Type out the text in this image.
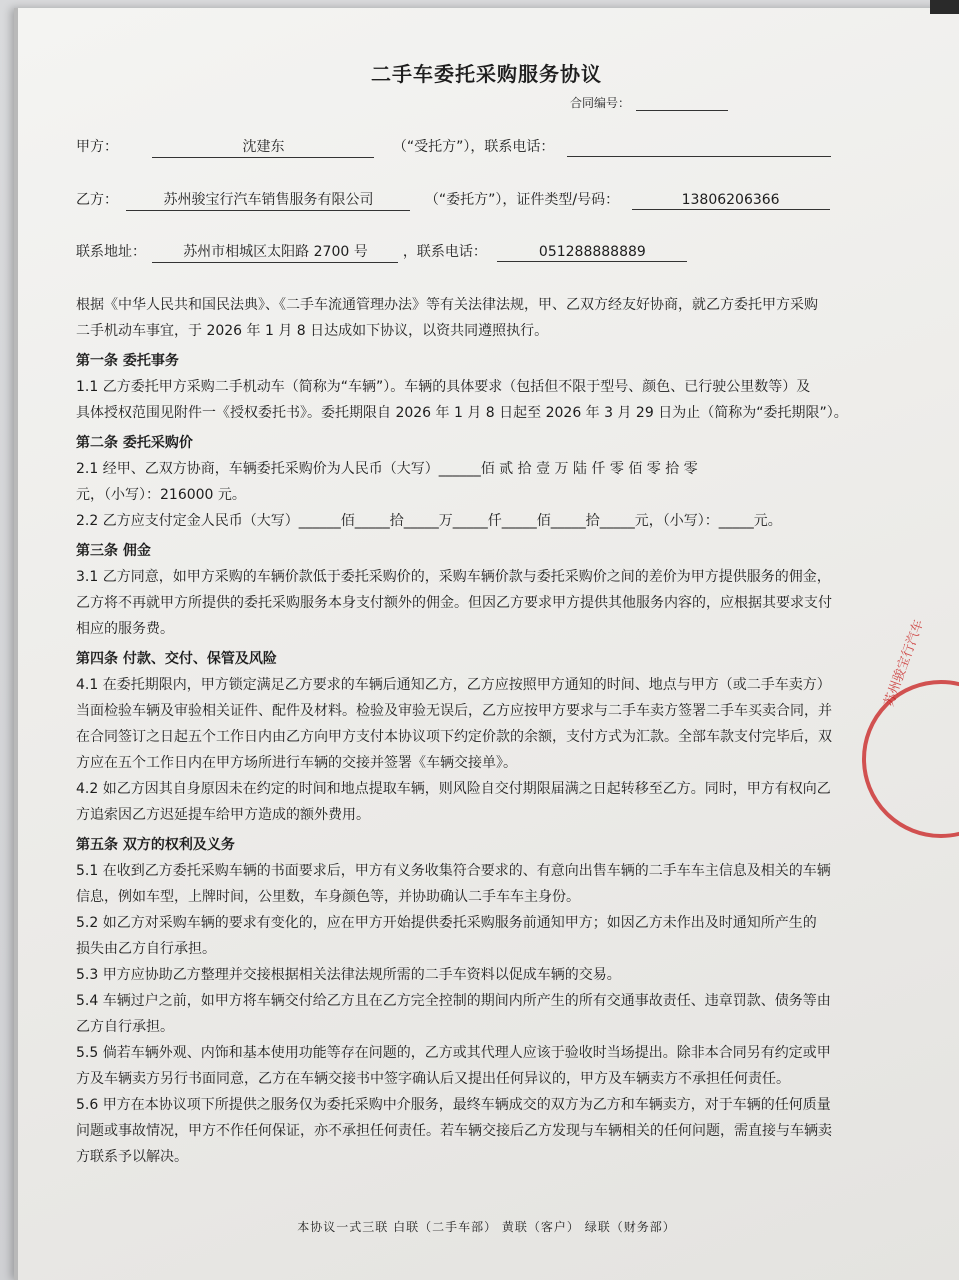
二手车委托采购服务协议
合同编号：
甲方：	沈建东	（“受托方”），联系电话：
乙方：	苏州骏宝行汽车销售服务有限公司	（“委托方”），证件类型/号码：	13806206366
联系地址：	苏州市相城区太阳路 2700 号	，联系电话：	051288888889

根据《中华人民共和国民法典》、《二手车流通管理办法》等有关法律法规，甲、乙双方经友好协商，就乙方委托甲方采购

二手机动车事宜，于 2026 年 1 月 8 日达成如下协议，以资共同遵照执行。

第一条 委托事务

1.1 乙方委托甲方采购二手机动车（简称为“车辆”）。车辆的具体要求（包括但不限于型号、颜色、已行驶公里数等）及

具体授权范围见附件一《授权委托书》。委托期限自 2026 年 1 月 8 日起至 2026 年 3 月 29 日为止（简称为“委托期限”）。

第二条 委托采购价

2.1 经甲、乙双方协商，车辆委托采购价为人民币（大写）______佰 贰 拾 壹 万 陆 仟 零 佰 零 拾 零

元，（小写）：216000 元。

2.2 乙方应支付定金人民币（大写）______佰_____拾_____万_____仟_____佰_____拾_____元，（小写）：_____元。

第三条 佣金

3.1 乙方同意，如甲方采购的车辆价款低于委托采购价的，采购车辆价款与委托采购价之间的差价为甲方提供服务的佣金，

乙方将不再就甲方所提供的委托采购服务本身支付额外的佣金。但因乙方要求甲方提供其他服务内容的，应根据其要求支付

相应的服务费。

第四条 付款、交付、保管及风险

4.1 在委托期限内，甲方锁定满足乙方要求的车辆后通知乙方，乙方应按照甲方通知的时间、地点与甲方（或二手车卖方）

当面检验车辆及审验相关证件、配件及材料。检验及审验无误后，乙方应按甲方要求与二手车卖方签署二手车买卖合同，并

在合同签订之日起五个工作日内由乙方向甲方支付本协议项下约定价款的余额，支付方式为汇款。全部车款支付完毕后，双

方应在五个工作日内在甲方场所进行车辆的交接并签署《车辆交接单》。

4.2 如乙方因其自身原因未在约定的时间和地点提取车辆，则风险自交付期限届满之日起转移至乙方。同时，甲方有权向乙

方追索因乙方迟延提车给甲方造成的额外费用。

第五条 双方的权利及义务

5.1 在收到乙方委托采购车辆的书面要求后，甲方有义务收集符合要求的、有意向出售车辆的二手车车主信息及相关的车辆

信息，例如车型，上牌时间，公里数，车身颜色等，并协助确认二手车车主身份。

5.2 如乙方对采购车辆的要求有变化的，应在甲方开始提供委托采购服务前通知甲方；如因乙方未作出及时通知所产生的

损失由乙方自行承担。

5.3 甲方应协助乙方整理并交接根据相关法律法规所需的二手车资料以促成车辆的交易。

5.4 车辆过户之前，如甲方将车辆交付给乙方且在乙方完全控制的期间内所产生的所有交通事故责任、违章罚款、债务等由

乙方自行承担。

5.5 倘若车辆外观、内饰和基本使用功能等存在问题的，乙方或其代理人应该于验收时当场提出。除非本合同另有约定或甲

方及车辆卖方另行书面同意，乙方在车辆交接书中签字确认后又提出任何异议的，甲方及车辆卖方不承担任何责任。

5.6 甲方在本协议项下所提供之服务仅为委托采购中介服务，最终车辆成交的双方为乙方和车辆卖方，对于车辆的任何质量

问题或事故情况，甲方不作任何保证，亦不承担任何责任。若车辆交接后乙方发现与车辆相关的任何问题，需直接与车辆卖

方联系予以解决。

本协议一式三联 白联（二手车部） 黄联（客户） 绿联（财务部）
苏州骏宝行汽车
